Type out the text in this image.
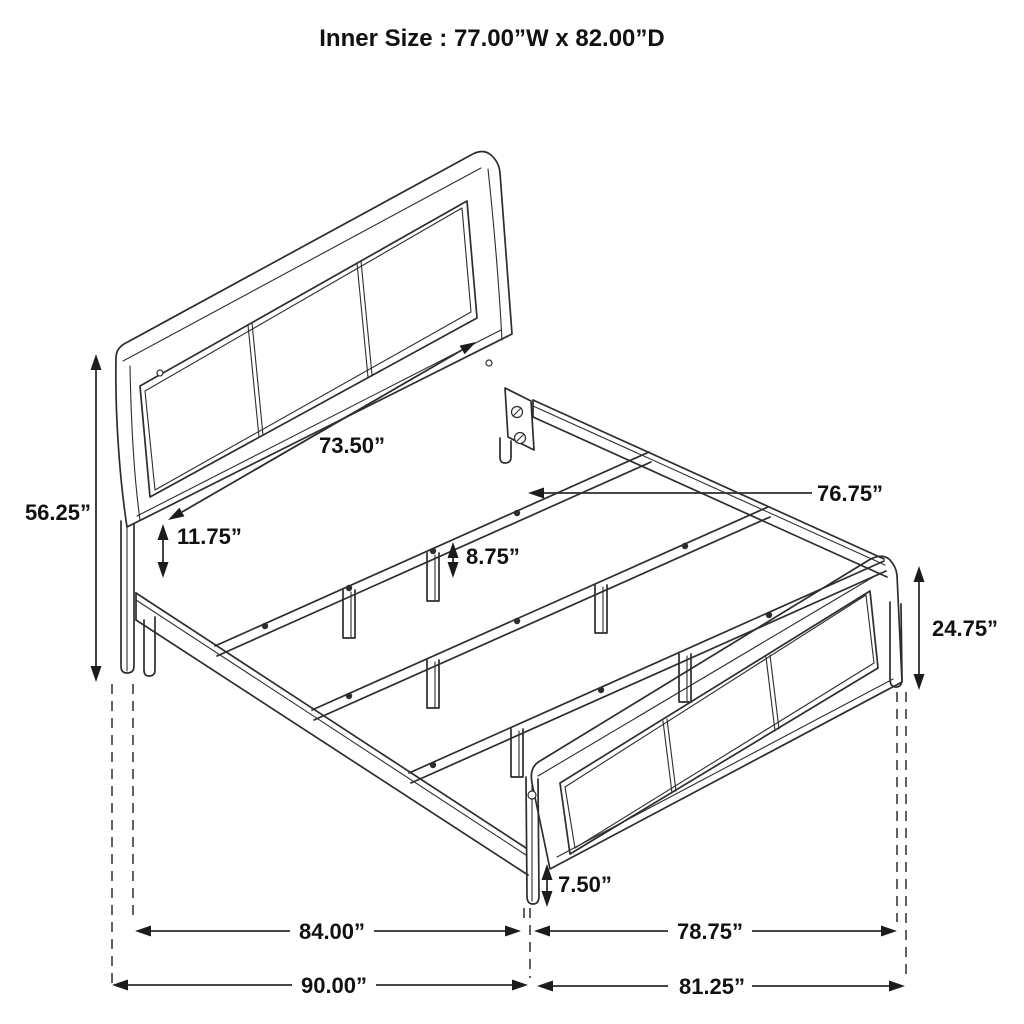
Inner Size : 77.00”W x 82.00”D
56.25”
73.50”
11.75”
76.75”
8.75”
24.75”
7.50”
84.00”	78.75”
90.00”	81.25”
